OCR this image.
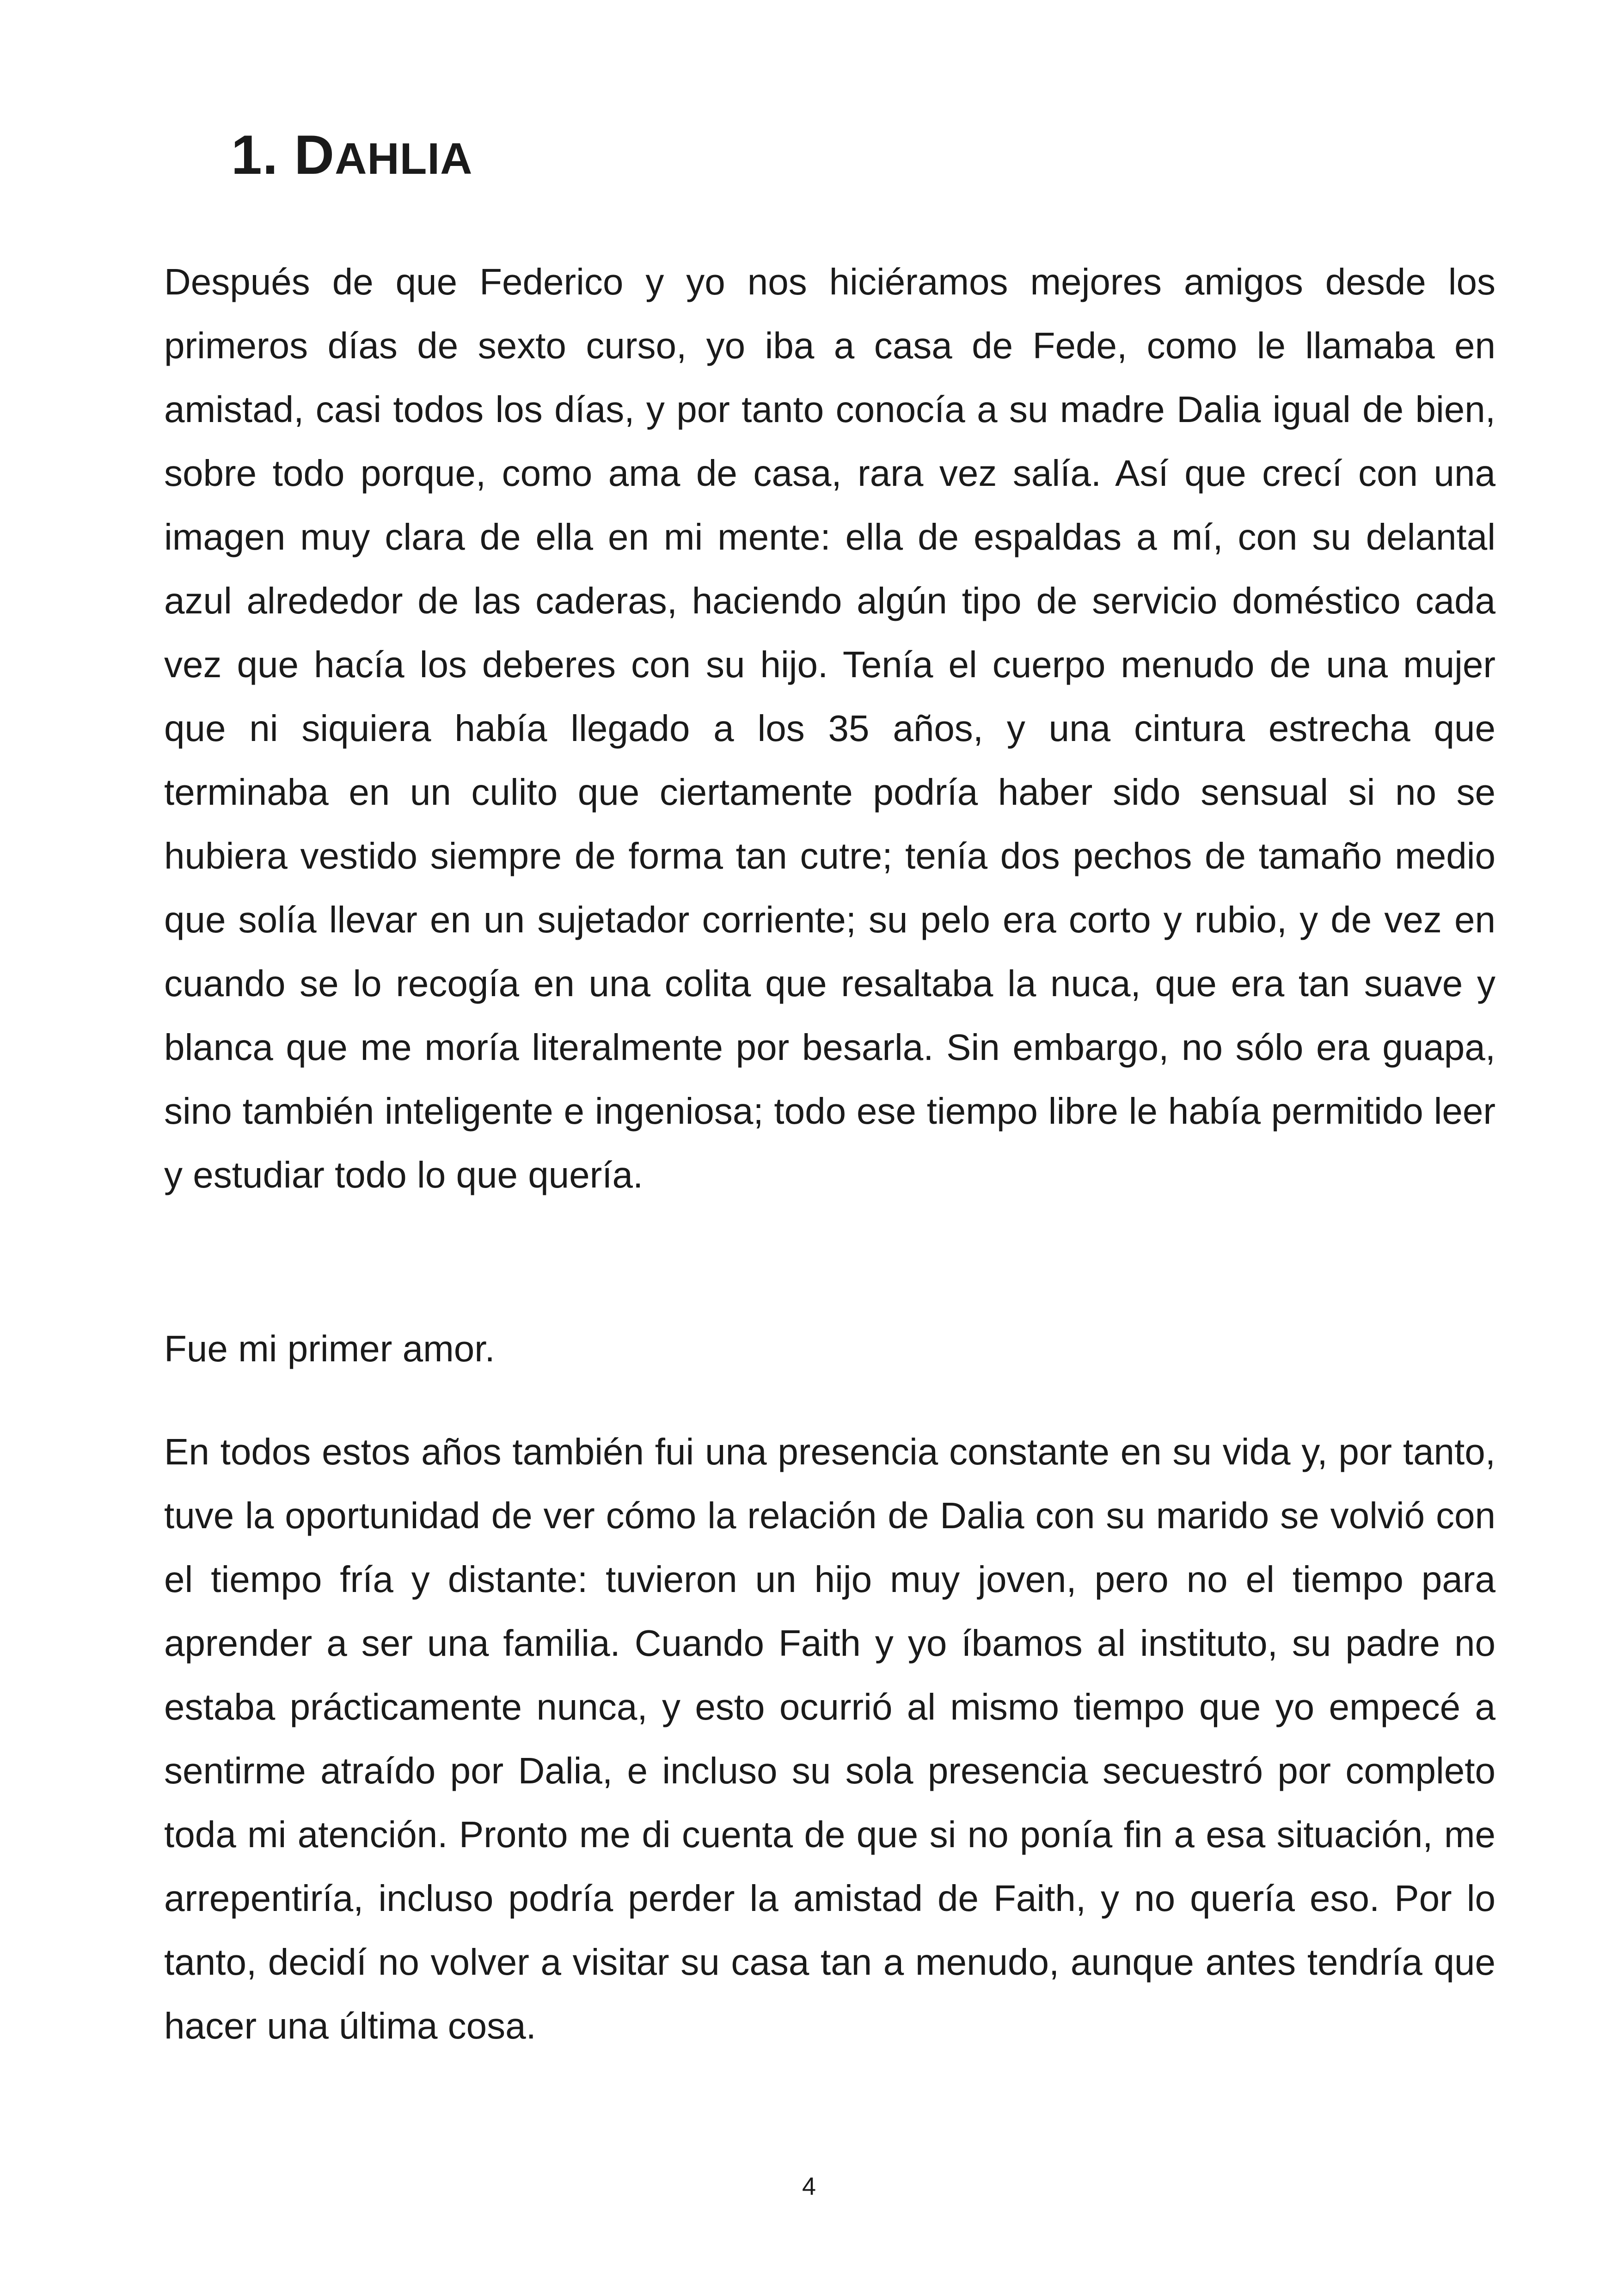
1. DAHLIA

Después de que Federico y yo nos hiciéramos mejores amigos desde los primeros días de sexto curso, yo iba a casa de Fede, como le llamaba en amistad, casi todos los días, y por tanto conocía a su madre Dalia igual de bien, sobre todo porque, como ama de casa, rara vez salía. Así que crecí con una imagen muy clara de ella en mi mente: ella de espaldas a mí, con su delantal azul alrededor de las caderas, haciendo algún tipo de servicio doméstico cada vez que hacía los deberes con su hijo. Tenía el cuerpo menudo de una mujer que ni siquiera había llegado a los 35 años, y una cintura estrecha que terminaba en un culito que ciertamente podría haber sido sensual si no se hubiera vestido siempre de forma tan cutre; tenía dos pechos de tamaño medio que solía llevar en un sujetador corriente; su pelo era corto y rubio, y de vez en cuando se lo recogía en una colita que resaltaba la nuca, que era tan suave y blanca que me moría literalmente por besarla. Sin embargo, no sólo era guapa, sino también inteligente e ingeniosa; todo ese tiempo libre le había permitido leer y estudiar todo lo que quería.

Fue mi primer amor.

En todos estos años también fui una presencia constante en su vida y, por tanto, tuve la oportunidad de ver cómo la relación de Dalia con su marido se volvió con el tiempo fría y distante: tuvieron un hijo muy joven, pero no el tiempo para aprender a ser una familia. Cuando Faith y yo íbamos al instituto, su padre no estaba prácticamente nunca, y esto ocurrió al mismo tiempo que yo empecé a sentirme atraído por Dalia, e incluso su sola presencia secuestró por completo toda mi atención. Pronto me di cuenta de que si no ponía fin a esa situación, me arrepentiría, incluso podría perder la amistad de Faith, y no quería eso. Por lo tanto, decidí no volver a visitar su casa tan a menudo, aunque antes tendría que hacer una última cosa.

4
